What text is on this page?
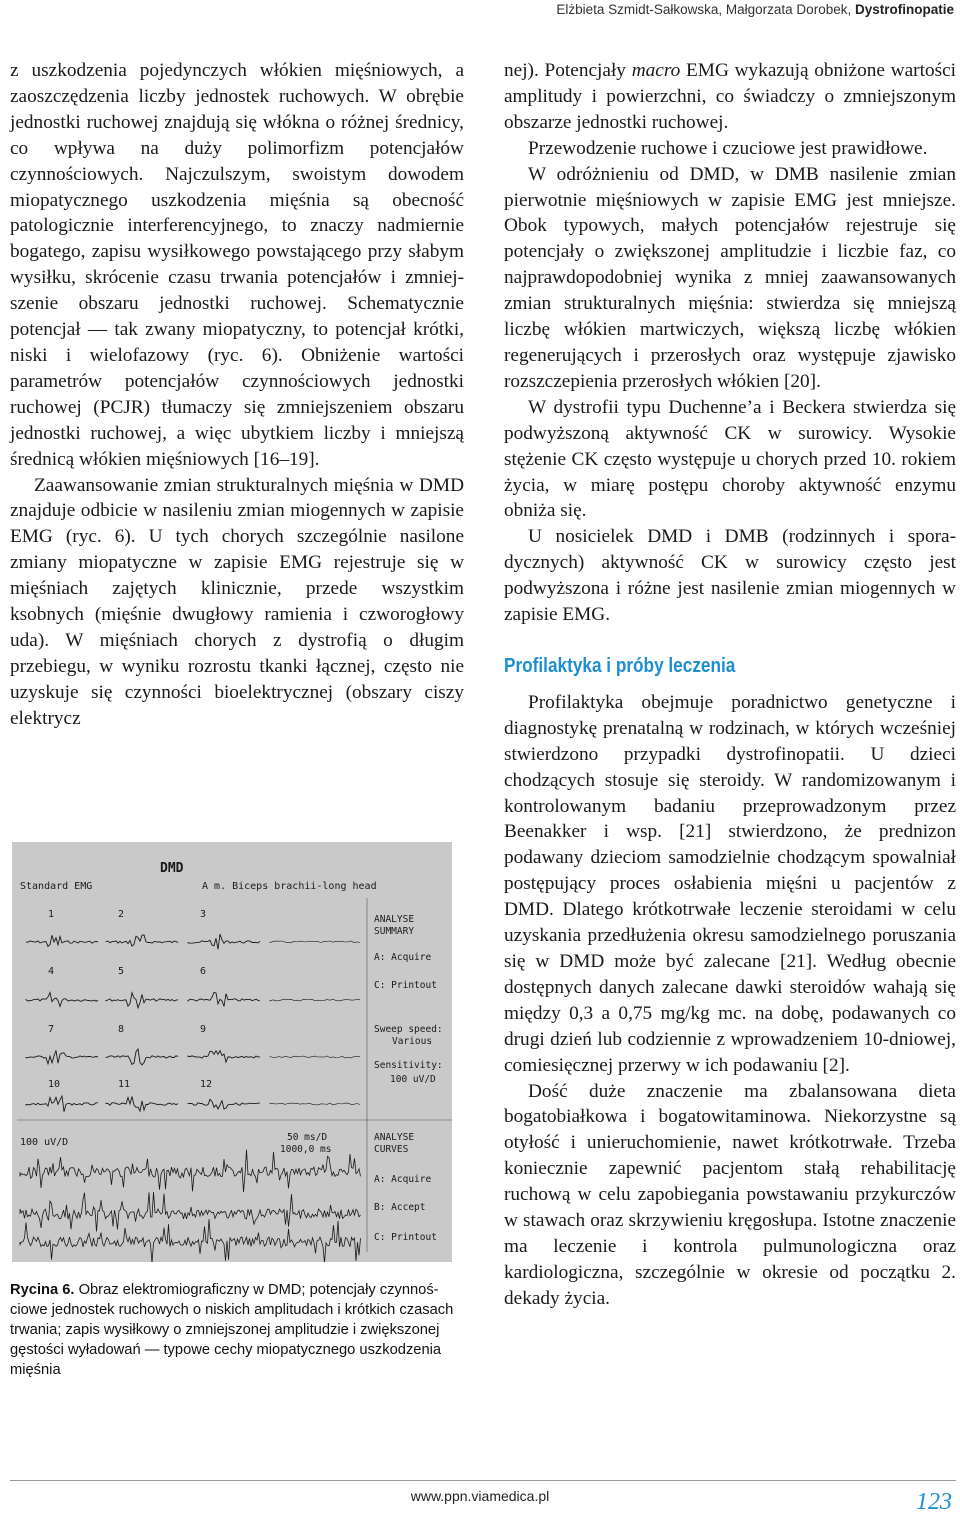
Elżbieta Szmidt-Sałkowska, Małgorzata Dorobek, Dystrofinopatie

z uszkodzenia pojedynczych włókien mięśniowych, a zaoszczędzenia liczby jednostek ruchowych. W obrębie jednostki ruchowej znajdują się włókna o różnej średnicy, co wpływa na duży polimorfizm potencjałów czynnościowych. Najczulszym, swoistym dowodem miopatycznego uszkodzenia mięśnia są obecność patologicznie interferencyjnego, to znaczy nadmiernie bogatego, zapisu wysiłkowego powstającego przy słabym wysiłku, skrócenie czasu trwania potencjałów i zmniejszenie obszaru jednostki ruchowej. Schematycznie potencjał — tak zwany miopatyczny, to potencjał krótki, niski i wielofazowy (ryc. 6). Obniżenie wartości parametrów potencjałów czynnościowych jednostki ruchowej (PCJR) tłumaczy się zmniejszeniem obszaru jednostki ruchowej, a więc ubytkiem liczby i mniejszą średnicą włókien mięśniowych [16–19].

Zaawansowanie zmian strukturalnych mięśnia w DMD znajduje odbicie w nasileniu zmian miogennych w zapisie EMG (ryc. 6). U tych chorych szczególnie nasilone zmiany miopatyczne w zapisie EMG rejestruje się w mięśniach zajętych klinicznie, przede wszystkim ksobnych (mięśnie dwugłowy ramienia i czworogłowy uda). W mięśniach chorych z dystrofią o długim przebiegu, w wyniku rozrostu tkanki łącznej, często nie uzyskuje się czynności bioelektrycznej (obszary ciszy elektrycz

DMD
Standard EMG	A m. Biceps brachii-long head
1	2	3
4	5	6
7	8	9
10	11	12
ANALYSE
SUMMARY
A: Acquire
C: Printout
Sweep speed:
Various
Sensitivity:
100 uV/D
100 uV/D	50 ms/D
1000,0 ms
ANALYSE
CURVES
A: Acquire
B: Accept
C: Printout
Rycina 6. Obraz elektromiograficzny w DMD; potencjały czynnościowe jednostek ruchowych o niskich amplitudach i krótkich czasach trwania; zapis wysiłkowy o zmniejszonej amplitudzie i zwiększonej gęstości wyładowań — typowe cechy miopatycznego uszkodzenia mięśnia

nej). Potencjały macro EMG wykazują obniżone wartości amplitudy i powierzchni, co świadczy o zmniejszonym obszarze jednostki ruchowej.

Przewodzenie ruchowe i czuciowe jest prawidłowe.

W odróżnieniu od DMD, w DMB nasilenie zmian pierwotnie mięśniowych w zapisie EMG jest mniejsze. Obok typowych, małych potencjałów rejestruje się potencjały o zwiększonej amplitudzie i liczbie faz, co najprawdopodobniej wynika z mniej zaawansowanych zmian strukturalnych mięśnia: stwierdza się mniejszą liczbę włókien martwiczych, większą liczbę włókien regenerujących i przerosłych oraz występuje zjawisko rozszczepienia przerosłych włókien [20].

W dystrofii typu Duchenne’a i Beckera stwierdza się podwyższoną aktywność CK w surowicy. Wysokie stężenie CK często występuje u chorych przed 10. rokiem życia, w miarę postępu choroby aktywność enzymu obniża się.

U nosicielek DMD i DMB (rodzinnych i sporadycznych) aktywność CK w surowicy często jest podwyższona i różne jest nasilenie zmian miogennych w zapisie EMG.

Profilaktyka i próby leczenia

Profilaktyka obejmuje poradnictwo genetyczne i diagnostykę prenatalną w rodzinach, w których wcześniej stwierdzono przypadki dystrofinopatii. U dzieci chodzących stosuje się steroidy. W randomizowanym i kontrolowanym badaniu przeprowadzonym przez Beenakker i wsp. [21] stwierdzono, że prednizon podawany dzieciom samodzielnie chodzącym spowalniał postępujący proces osłabienia mięśni u pacjentów z DMD. Dlatego krótkotrwałe leczenie steroidami w celu uzyskania przedłużenia okresu samodzielnego poruszania się w DMD może być zalecane [21]. Według obecnie dostępnych danych zalecane dawki steroidów wahają się między 0,3 a 0,75 mg/kg mc. na dobę, podawanych co drugi dzień lub codziennie z wprowadzeniem 10-dniowej, comiesięcznej przerwy w ich podawaniu [2].

Dość duże znaczenie ma zbalansowana dieta bogatobiałkowa i bogatowitaminowa. Niekorzystne są otyłość i unieruchomienie, nawet krótkotrwałe. Trzeba koniecznie zapewnić pacjentom stałą rehabilitację ruchową w celu zapobiegania powstawaniu przykurczów w stawach oraz skrzywieniu kręgosłupa. Istotne znaczenie ma leczenie i kontrola pulmunologiczna oraz kardiologiczna, szczególnie w okresie od początku 2. dekady życia.

www.ppn.viamedica.pl	123
